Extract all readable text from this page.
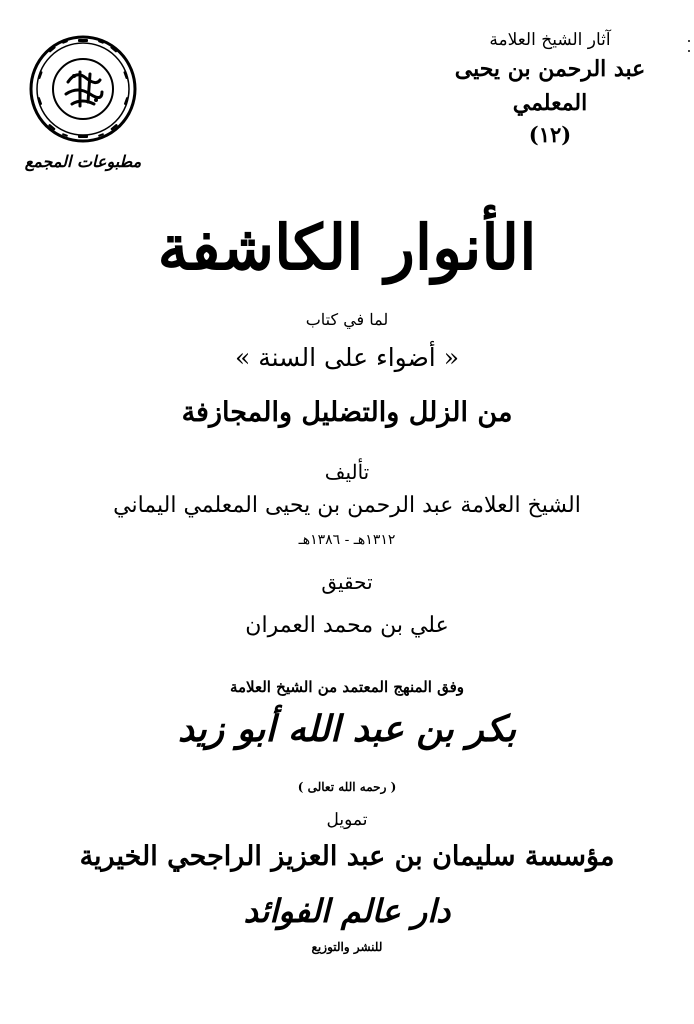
آثار الشيخ العلامة
عبد الرحمن بن يحيى المعلمي
(١٢)
مطبوعات المجمع
الأنوار الكاشفة
لما في كتاب
« أضواء على السنة »
من الزلل والتضليل والمجازفة
تأليف
الشيخ العلامة عبد الرحمن بن يحيى المعلمي اليماني
١٣١٢هـ - ١٣٨٦هـ
تحقيق
علي بن محمد العمران
وفق المنهج المعتمد من الشيخ العلامة
بكر بن عبد الله أبو زيد
( رحمه الله تعالى )
تمويل
مؤسسة سليمان بن عبد العزيز الراجحي الخيرية
دار عالم الفوائد
للنشر والتوزيع
